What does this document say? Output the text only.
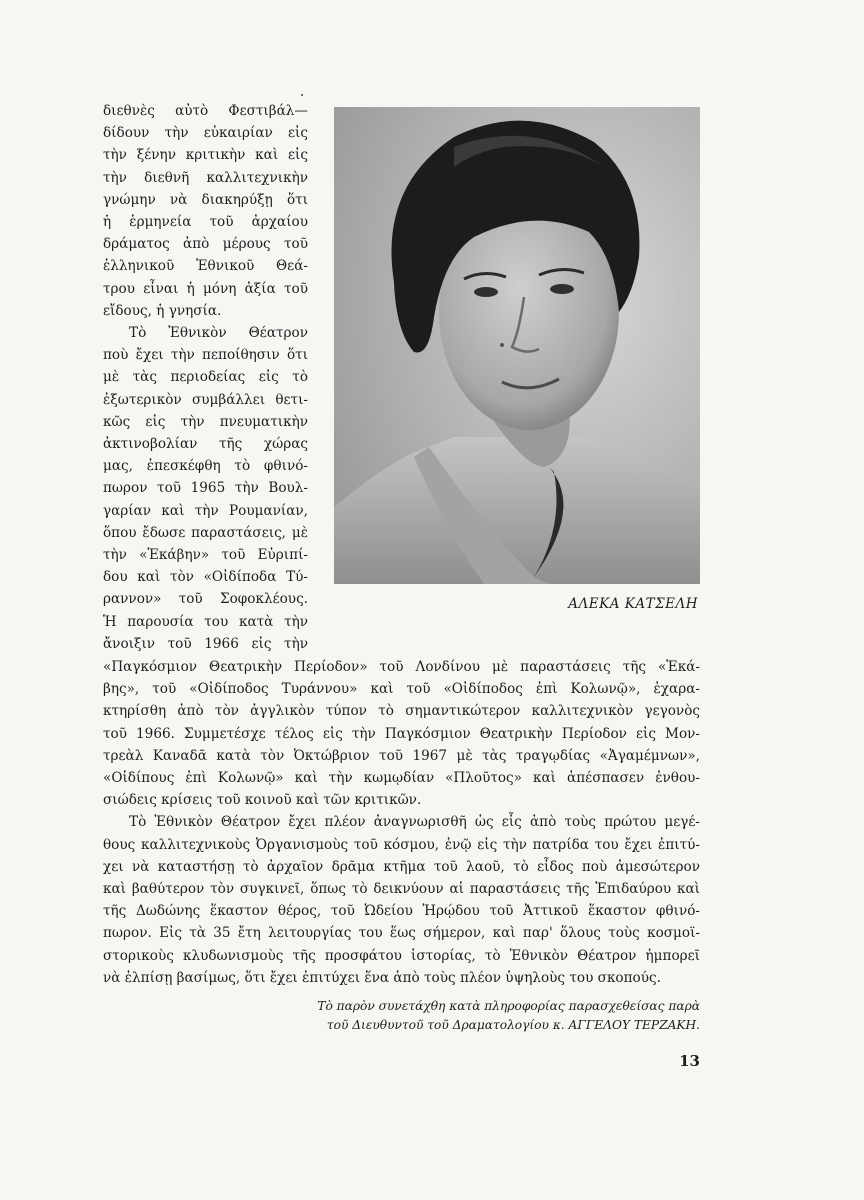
διεθνὲς αὐτὸ Φεστιβάλ—
δίδουν τὴν εὐκαιρίαν εἰς
τὴν ξένην κριτικὴν καὶ εἰς
τὴν διεθνῆ καλλιτεχνικὴν
γνώμην νὰ διακηρύξῃ ὅτι
ἡ ἑρμηνεία τοῦ ἀρχαίου
δράματος ἀπὸ μέρους τοῦ
ἑλληνικοῦ Ἐθνικοῦ Θεά-
τρου εἶναι ἡ μόνη ἀξία τοῦ
εἴδους, ἡ γνησία.
Τὸ Ἐθνικὸν Θέατρον
ποὺ ἔχει τὴν πεποίθησιν ὅτι
μὲ τὰς περιοδείας εἰς τὸ
ἐξωτερικὸν συμβάλλει θετι-
κῶς εἰς τὴν πνευματικὴν
ἀκτινοβολίαν τῆς χώρας
μας, ἐπεσκέφθη τὸ φθινό-
πωρον τοῦ 1965 τὴν Βουλ-
γαρίαν καὶ τὴν Ρουμανίαν,
ὅπου ἔδωσε παραστάσεις, μὲ
τὴν «Ἑκάβην» τοῦ Εὐριπί-
δου καὶ τὸν «Οἰδίποδα Τύ-
ραννον» τοῦ Σοφοκλέους.
Ἡ παρουσία του κατὰ τὴν
ἄνοιξιν τοῦ 1966 εἰς τὴν
ΑΛΕΚΑ ΚΑΤΣΕΛΗ
«Παγκόσμιον Θεατρικὴν Περίοδον» τοῦ Λονδίνου μὲ παραστάσεις τῆς «Ἑκά-
βης», τοῦ «Οἰδίποδος Τυράννου» καὶ τοῦ «Οἰδίποδος ἐπὶ Κολωνῷ», ἐχαρα-
κτηρίσθη ἀπὸ τὸν ἀγγλικὸν τύπον τὸ σημαντικώτερον καλλιτεχνικὸν γεγονὸς
τοῦ 1966. Συμμετέσχε τέλος εἰς τὴν Παγκόσμιον Θεατρικὴν Περίοδον εἰς Μον-
τρεὰλ Καναδᾶ κατὰ τὸν Ὀκτώβριον τοῦ 1967 μὲ τὰς τραγῳδίας «Ἀγαμέμνων»,
«Οἰδίπους ἐπὶ Κολωνῷ» καὶ τὴν κωμῳδίαν «Πλοῦτος» καὶ ἀπέσπασεν ἐνθου-
σιώδεις κρίσεις τοῦ κοινοῦ καὶ τῶν κριτικῶν.
Τὸ Ἐθνικὸν Θέατρον ἔχει πλέον ἀναγνωρισθῆ ὡς εἷς ἀπὸ τοὺς πρώτου μεγέ-
θους καλλιτεχνικοὺς Ὀργανισμοὺς τοῦ κόσμου, ἐνῷ εἰς τὴν πατρίδα του ἔχει ἐπιτύ-
χει νὰ καταστήσῃ τὸ ἀρχαῖον δρᾶμα κτῆμα τοῦ λαοῦ, τὸ εἶδος ποὺ ἀμεσώτερον
καὶ βαθύτερον τὸν συγκινεῖ, ὅπως τὸ δεικνύουν αἱ παραστάσεις τῆς Ἐπιδαύρου καὶ
τῆς Δωδώνης ἕκαστον θέρος, τοῦ Ὠδείου Ἡρῴδου τοῦ Ἀττικοῦ ἕκαστον φθινό-
πωρον. Εἰς τὰ 35 ἔτη λειτουργίας του ἕως σήμερον, καὶ παρ' ὅλους τοὺς κοσμοϊ-
στορικοὺς κλυδωνισμοὺς τῆς προσφάτου ἱστορίας, τὸ Ἐθνικὸν Θέατρον ἠμπορεῖ
νὰ ἐλπίσῃ βασίμως, ὅτι ἔχει ἐπιτύχει ἕνα ἀπὸ τοὺς πλέον ὑψηλοὺς του σκοπούς.
Τὸ παρὸν συνετάχθη κατὰ πληροφορίας παρασχεθείσας παρὰ
τοῦ Διευθυντοῦ τοῦ Δραματολογίου κ. ΑΓΓΕΛΟΥ ΤΕΡΖΑΚΗ.
13
